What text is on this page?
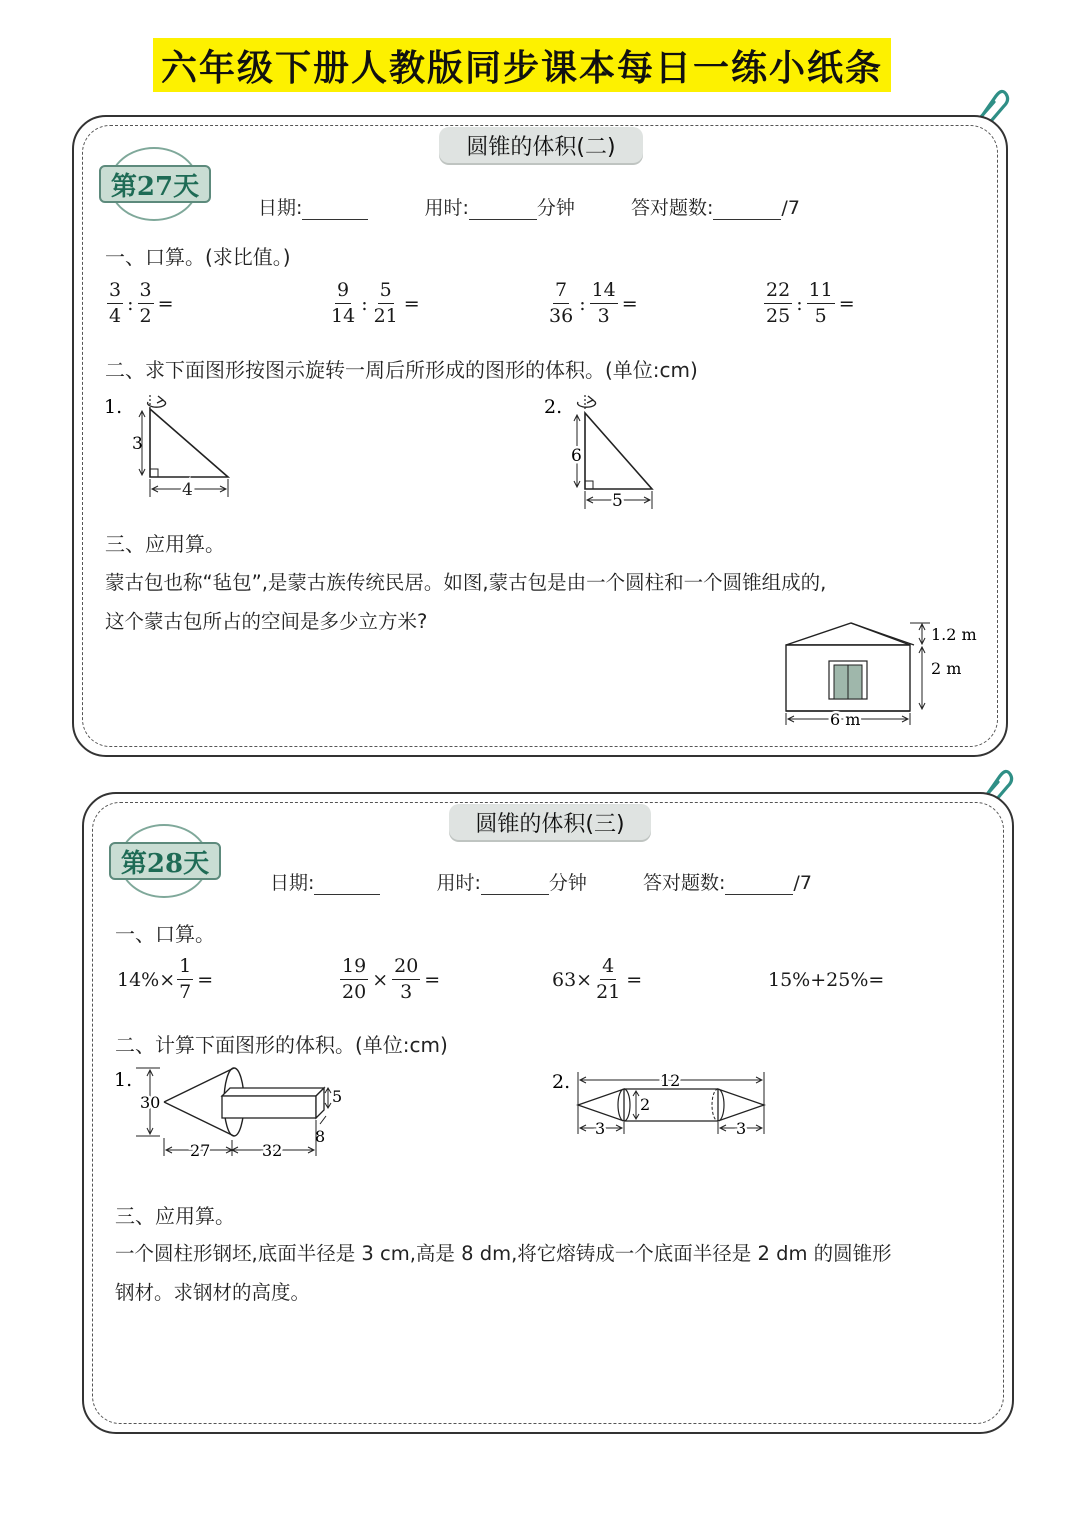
六年级下册人教版同步课本每日一练小纸条
圆锥的体积(二)
第27天
日期:	用时:	分钟	答对题数:	/7
一、口算。(求比值。)
$\frac{3}{4}$ : $\frac{3}{2}$ =	$\frac{9}{14}$ : $\frac{5}{21}$ =	$\frac{7}{36}$ : $\frac{14}{3}$ =	$\frac{22}{25}$ : $\frac{11}{5}$ =
二、求下面图形按图示旋转一周后所形成的图形的体积。(单位:cm)
1.
3
4
2.
6
5
三、应用算。
蒙古包也称“毡包”,是蒙古族传统民居。如图,蒙古包是由一个圆柱和一个圆锥组成的,
这个蒙古包所占的空间是多少立方米?
1.2 m
2 m
6 m
圆锥的体积(三)
第28天
日期:	用时:	分钟	答对题数:	/7
一、口算。
$14\%\times \frac{1}{7}$ =	$\frac{19}{20} \times \frac{20}{3}$ =	$63\times \frac{4}{21}$ =	15%+25%=
二、计算下面图形的体积。(单位:cm)
1.
30
27	32
5
8
2.	12
2
3	3
三、应用算。
一个圆柱形钢坯,底面半径是 3 cm,高是 8 dm,将它熔铸成一个底面半径是 2 dm 的圆锥形
钢材。求钢材的高度。
